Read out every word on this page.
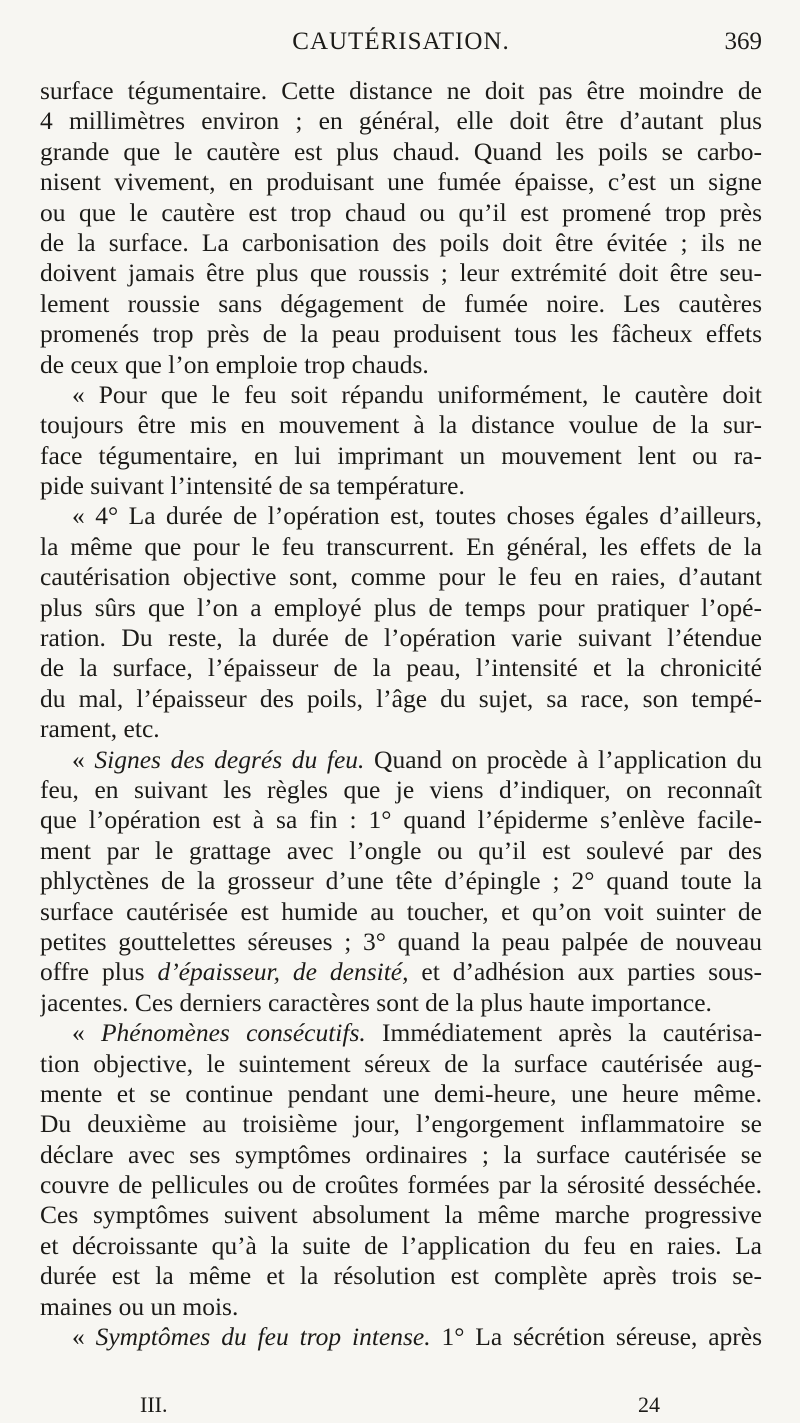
CAUTÉRISATION.	369
surface tégumentaire. Cette distance ne doit pas être moindre de
4 millimètres environ ; en général, elle doit être d’autant plus
grande que le cautère est plus chaud. Quand les poils se carbo-
nisent vivement, en produisant une fumée épaisse, c’est un signe
ou que le cautère est trop chaud ou qu’il est promené trop près
de la surface. La carbonisation des poils doit être évitée ; ils ne
doivent jamais être plus que roussis ; leur extrémité doit être seu-
lement roussie sans dégagement de fumée noire. Les cautères
promenés trop près de la peau produisent tous les fâcheux effets
de ceux que l’on emploie trop chauds.
« Pour que le feu soit répandu uniformément, le cautère doit
toujours être mis en mouvement à la distance voulue de la sur-
face tégumentaire, en lui imprimant un mouvement lent ou ra-
pide suivant l’intensité de sa température.
« 4° La durée de l’opération est, toutes choses égales d’ailleurs,
la même que pour le feu transcurrent. En général, les effets de la
cautérisation objective sont, comme pour le feu en raies, d’autant
plus sûrs que l’on a employé plus de temps pour pratiquer l’opé-
ration. Du reste, la durée de l’opération varie suivant l’étendue
de la surface, l’épaisseur de la peau, l’intensité et la chronicité
du mal, l’épaisseur des poils, l’âge du sujet, sa race, son tempé-
rament, etc.
« Signes des degrés du feu. Quand on procède à l’application du
feu, en suivant les règles que je viens d’indiquer, on reconnaît
que l’opération est à sa fin : 1° quand l’épiderme s’enlève facile-
ment par le grattage avec l’ongle ou qu’il est soulevé par des
phlyctènes de la grosseur d’une tête d’épingle ; 2° quand toute la
surface cautérisée est humide au toucher, et qu’on voit suinter de
petites gouttelettes séreuses ; 3° quand la peau palpée de nouveau
offre plus d’épaisseur, de densité, et d’adhésion aux parties sous-
jacentes. Ces derniers caractères sont de la plus haute importance.
« Phénomènes consécutifs. Immédiatement après la cautérisa-
tion objective, le suintement séreux de la surface cautérisée aug-
mente et se continue pendant une demi-heure, une heure même.
Du deuxième au troisième jour, l’engorgement inflammatoire se
déclare avec ses symptômes ordinaires ; la surface cautérisée se
couvre de pellicules ou de croûtes formées par la sérosité desséchée.
Ces symptômes suivent absolument la même marche progressive
et décroissante qu’à la suite de l’application du feu en raies. La
durée est la même et la résolution est complète après trois se-
maines ou un mois.
« Symptômes du feu trop intense. 1° La sécrétion séreuse, après
III.	24
